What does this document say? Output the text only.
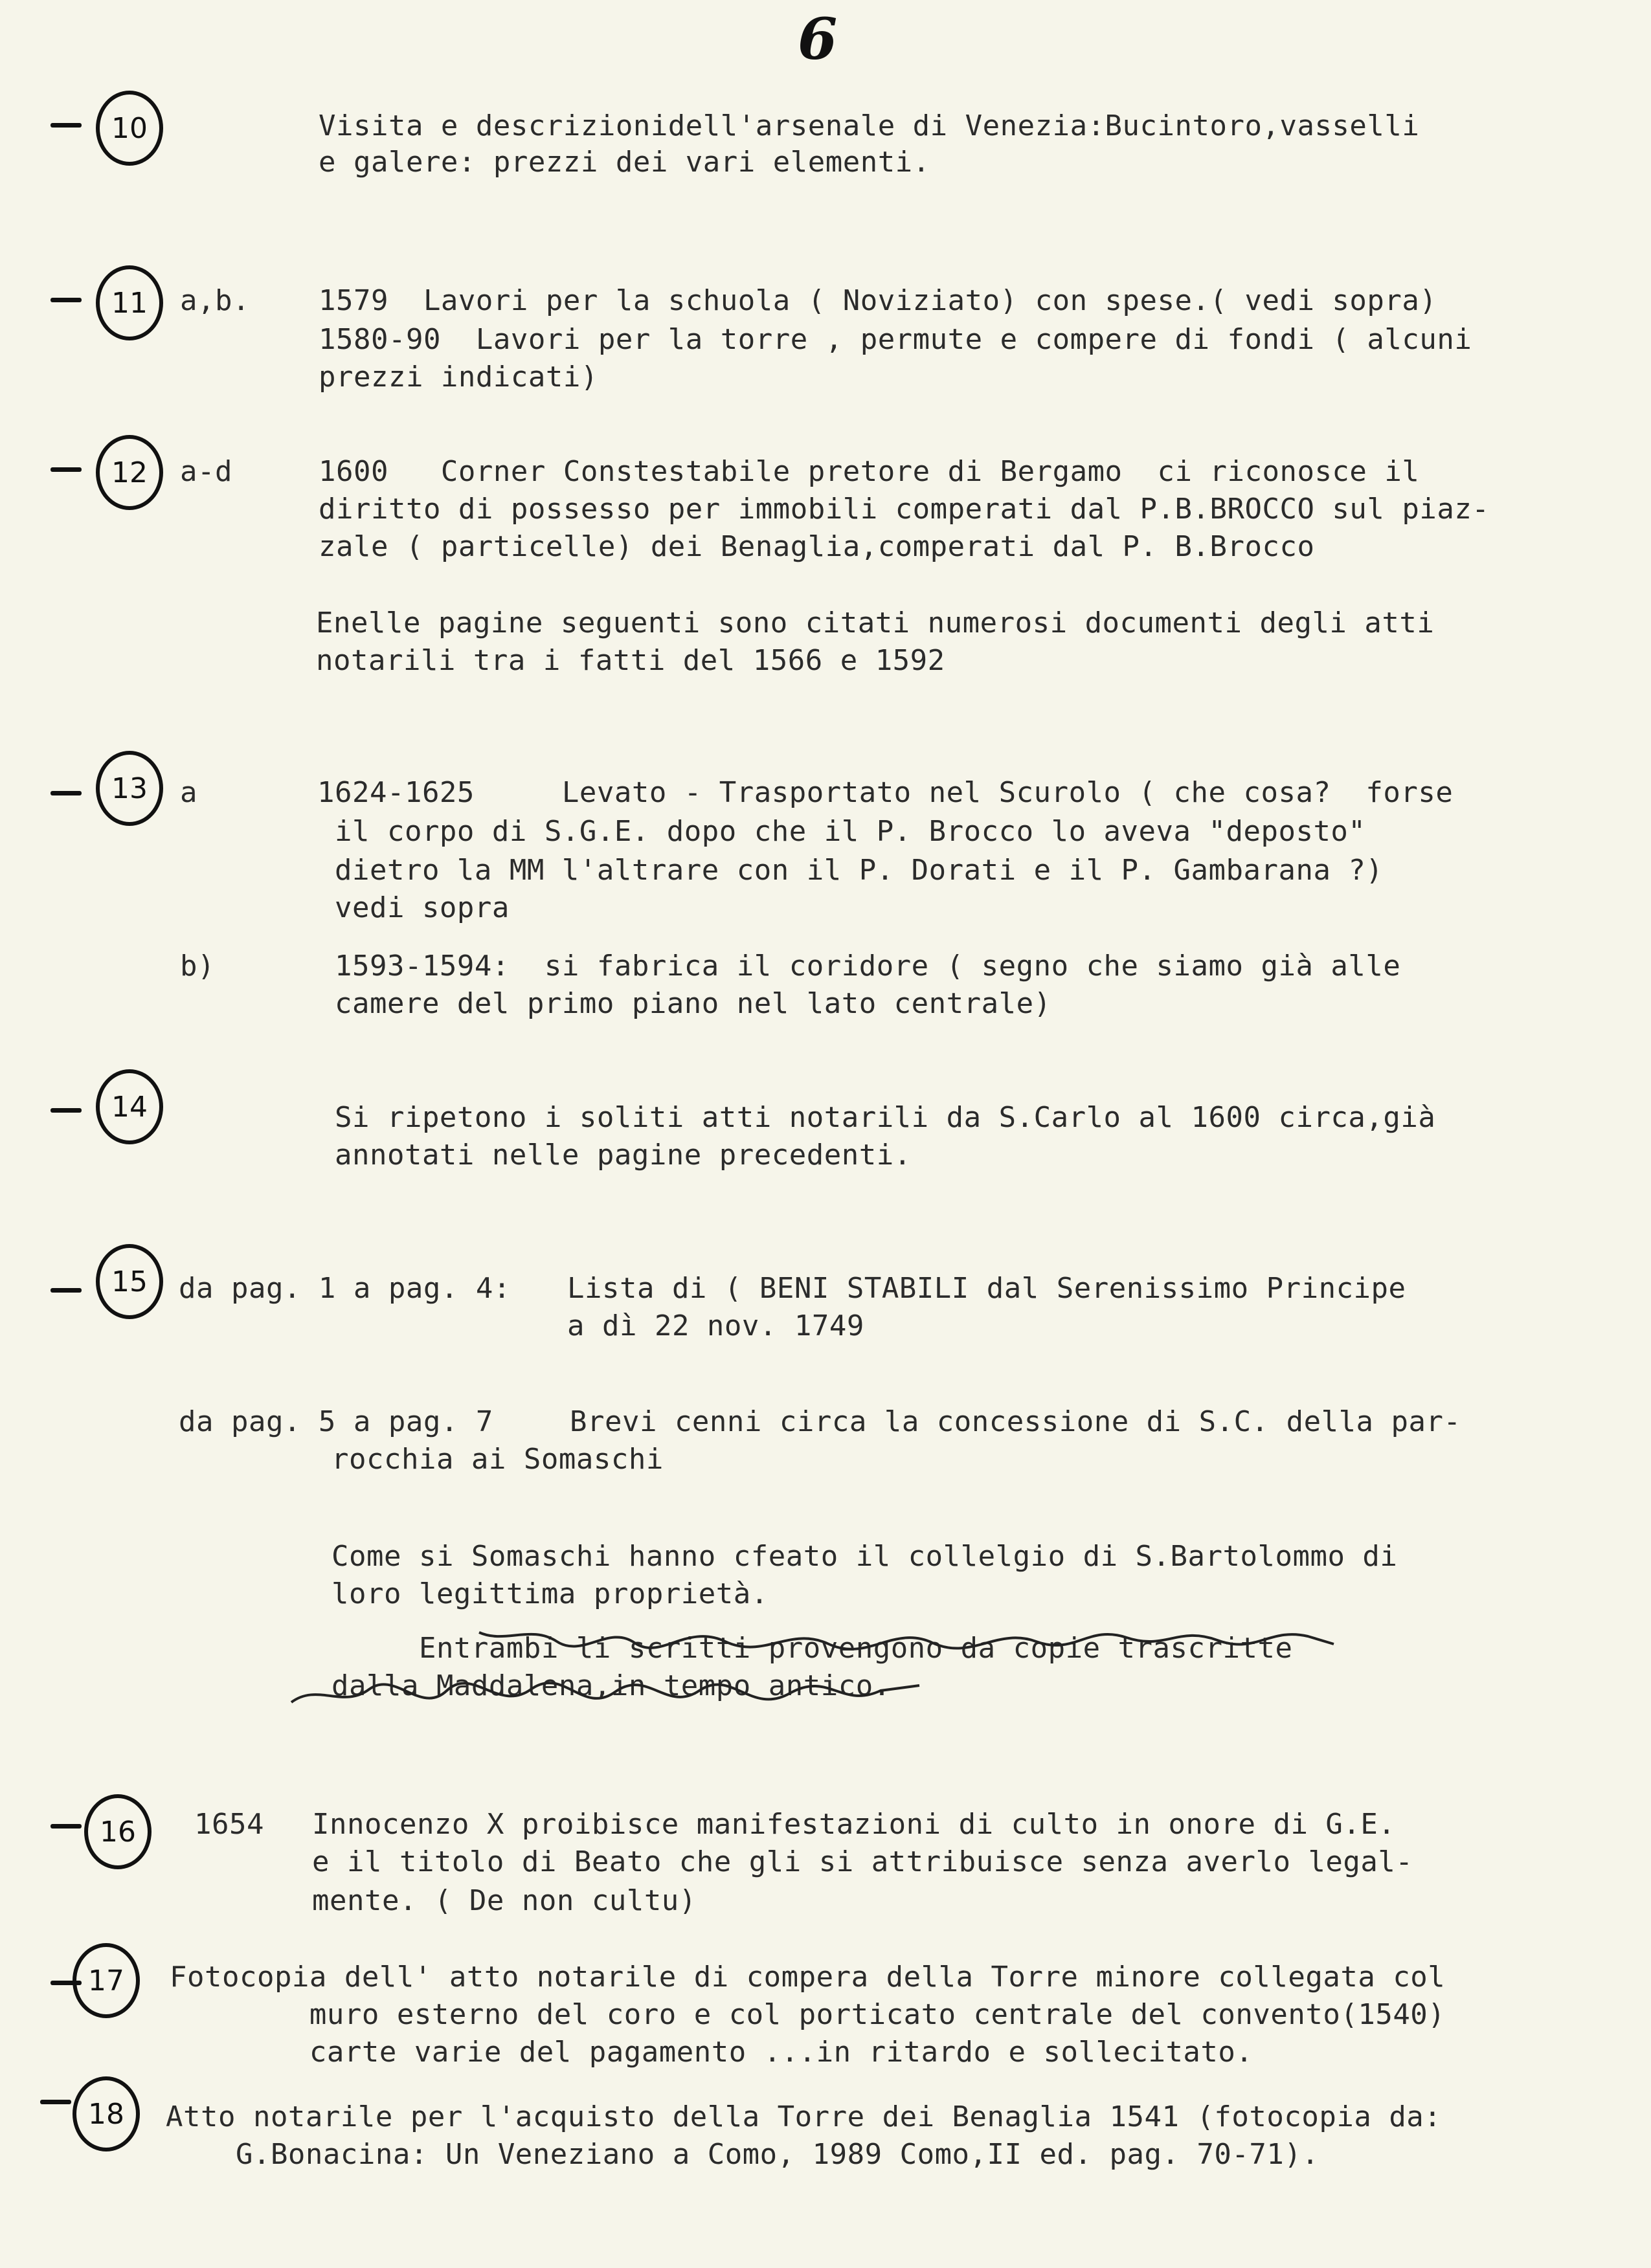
6
10	Visita e descrizionidell'arsenale di Venezia:Bucintoro,vasselli
e galere: prezzi dei vari elementi.
11	a,b. 1579  Lavori per la schuola ( Noviziato) con spese.( vedi sopra)
1580-90  Lavori per la torre , permute e compere di fondi ( alcuni
prezzi indicati)
12	a-d	1600   Corner Constestabile pretore di Bergamo  ci riconosce il
diritto di possesso per immobili comperati dal P.B.BROCCO sul piaz-
zale ( particelle) dei Benaglia,comperati dal P. B.Brocco
Enelle pagine seguenti sono citati numerosi documenti degli atti
notarili tra i fatti del 1566 e 1592
13	a	1624-1625     Levato - Trasportato nel Scurolo ( che cosa?  forse
il corpo di S.G.E. dopo che il P. Brocco lo aveva "deposto"
dietro la MM l'altrare con il P. Dorati e il P. Gambarana ?)
vedi sopra
b)	1593-1594:  si fabrica il coridore ( segno che siamo già alle
camere del primo piano nel lato centrale)
14	Si ripetono i soliti atti notarili da S.Carlo al 1600 circa,già
annotati nelle pagine precedenti.
15	da pag. 1 a pag. 4: Lista di ( BENI STABILI dal Serenissimo Principe
a dì 22 nov. 1749
da pag. 5 a pag. 7	Brevi cenni circa la concessione di S.C. della par-
rocchia ai Somaschi
Come si Somaschi hanno cfeato il collelgio di S.Bartolommo di
loro legittima proprietà.
Entrambi li scritti provengono da copie trascritte
dalla Maddalena,in tempo antico.
16	1654 Innocenzo X proibisce manifestazioni di culto in onore di G.E.
e il titolo di Beato che gli si attribuisce senza averlo legal-
mente. ( De non cultu)
17	Fotocopia dell' atto notarile di compera della Torre minore collegata col
muro esterno del coro e col porticato centrale del convento(1540)
carte varie del pagamento ...in ritardo e sollecitato.
18	Atto notarile per l'acquisto della Torre dei Benaglia 1541 (fotocopia da:
G.Bonacina: Un Veneziano a Como, 1989 Como,II ed. pag. 70-71).
